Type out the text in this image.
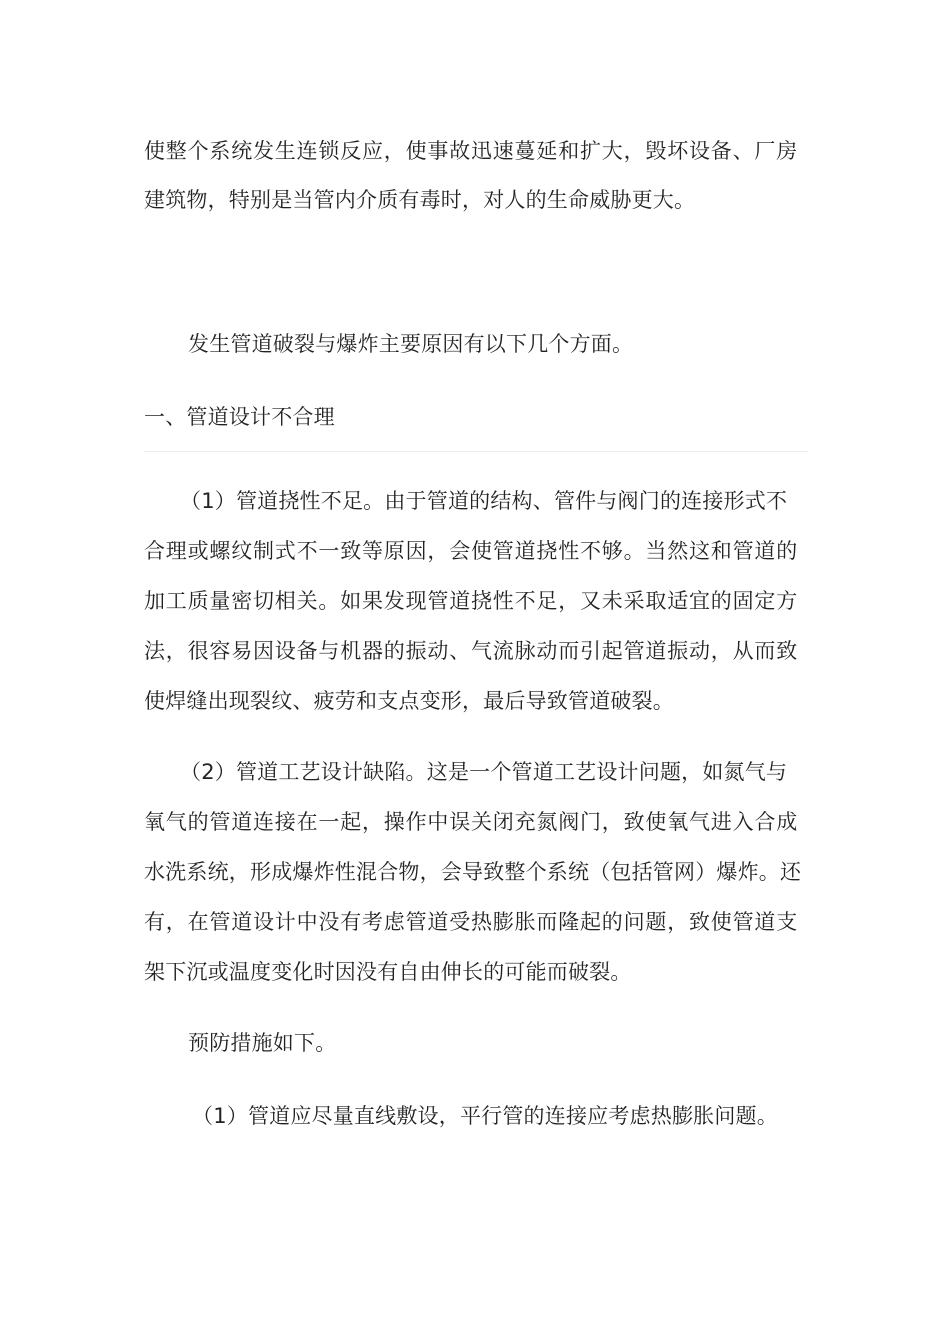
使整个系统发生连锁反应，使事故迅速蔓延和扩大，毁坏设备、厂房
建筑物，特别是当管内介质有毒时，对人的生命威胁更大。
发生管道破裂与爆炸主要原因有以下几个方面。
一、管道设计不合理
（1）管道挠性不足。由于管道的结构、管件与阀门的连接形式不
合理或螺纹制式不一致等原因，会使管道挠性不够。当然这和管道的
加工质量密切相关。如果发现管道挠性不足，又未采取适宜的固定方
法，很容易因设备与机器的振动、气流脉动而引起管道振动，从而致
使焊缝出现裂纹、疲劳和支点变形，最后导致管道破裂。
（2）管道工艺设计缺陷。这是一个管道工艺设计问题，如氮气与
氧气的管道连接在一起，操作中误关闭充氮阀门，致使氧气进入合成
水洗系统，形成爆炸性混合物，会导致整个系统（包括管网）爆炸。还
有，在管道设计中没有考虑管道受热膨胀而隆起的问题，致使管道支
架下沉或温度变化时因没有自由伸长的可能而破裂。
预防措施如下。
（1）管道应尽量直线敷设，平行管的连接应考虑热膨胀问题。
